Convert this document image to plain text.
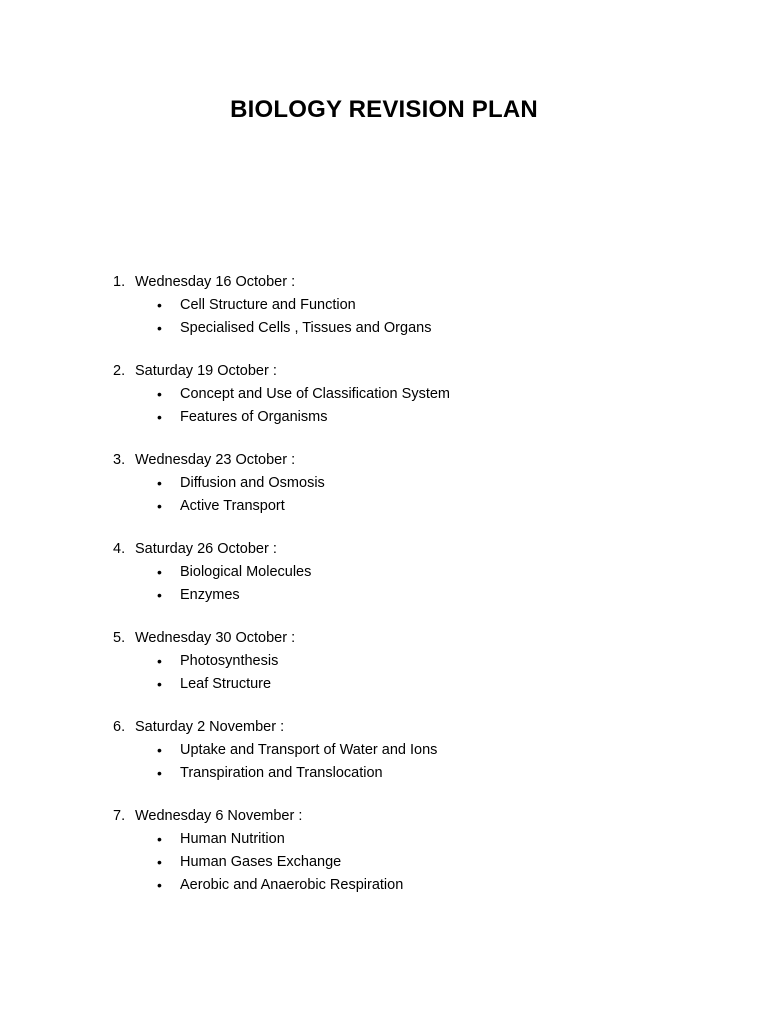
BIOLOGY REVISION PLAN
1. Wednesday 16 October :
• Cell Structure and Function
• Specialised Cells , Tissues and Organs
2. Saturday 19 October :
• Concept and Use of Classification System
• Features of Organisms
3. Wednesday 23 October :
• Diffusion and Osmosis
• Active Transport
4. Saturday 26 October :
• Biological Molecules
• Enzymes
5. Wednesday 30 October :
• Photosynthesis
• Leaf Structure
6. Saturday 2 November :
• Uptake and Transport of Water and Ions
• Transpiration and Translocation
7. Wednesday 6 November :
• Human Nutrition
• Human Gases Exchange
• Aerobic and Anaerobic Respiration
